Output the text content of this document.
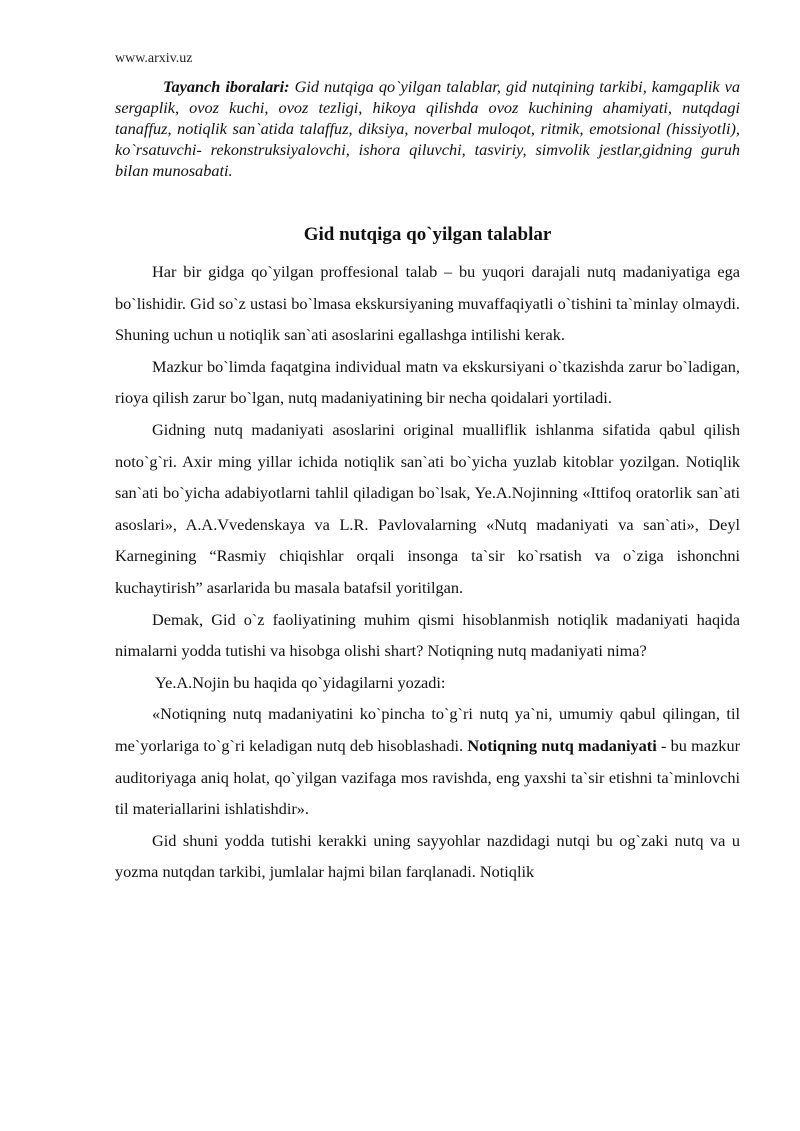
www.arxiv.uz

Tayanch iboralari: Gid nutqiga qo`yilgan talablar, gid nutqining tarkibi, kamgaplik va sergaplik, ovoz kuchi, ovoz tezligi, hikoya qilishda ovoz kuchining ahamiyati, nutqdagi tanaffuz, notiqlik san`atida talaffuz, diksiya, noverbal muloqot, ritmik, emotsional (hissiyotli), ko`rsatuvchi- rekonstruksiyalovchi, ishora qiluvchi, tasviriy, simvolik jestlar,gidning guruh bilan munosabati.

Gid nutqiga qo`yilgan talablar

Har bir gidga qo`yilgan proffesional talab – bu yuqori darajali nutq madaniyatiga ega bo`lishidir. Gid so`z ustasi bo`lmasa ekskursiyaning muvaffaqiyatli o`tishini ta`minlay olmaydi. Shuning uchun u notiqlik san`ati asoslarini egallashga intilishi kerak.

Mazkur bo`limda faqatgina individual matn va ekskursiyani o`tkazishda zarur bo`ladigan, rioya qilish zarur bo`lgan, nutq madaniyatining bir necha qoidalari yortiladi.

Gidning nutq madaniyati asoslarini original mualliflik ishlanma sifatida qabul qilish noto`g`ri. Axir ming yillar ichida notiqlik san`ati bo`yicha yuzlab kitoblar yozilgan. Notiqlik san`ati bo`yicha adabiyotlarni tahlil qiladigan bo`lsak, Ye.A.Nojinning «Ittifoq oratorlik san`ati asoslari», A.A.Vvedenskaya va L.R. Pavlovalarning «Nutq madaniyati va san`ati», Deyl Karnegining “Rasmiy chiqishlar orqali insonga ta`sir ko`rsatish va o`ziga ishonchni kuchaytirish” asarlarida bu masala batafsil yoritilgan.

Demak, Gid o`z faoliyatining muhim qismi hisoblanmish notiqlik madaniyati haqida nimalarni yodda tutishi va hisobga olishi shart? Notiqning nutq madaniyati nima?

Ye.A.Nojin bu haqida qo`yidagilarni yozadi:

«Notiqning nutq madaniyatini ko`pincha to`g`ri nutq ya`ni, umumiy qabul qilingan, til me`yorlariga to`g`ri keladigan nutq deb hisoblashadi. Notiqning nutq madaniyati - bu mazkur auditoriyaga aniq holat, qo`yilgan vazifaga mos ravishda, eng yaxshi ta`sir etishni ta`minlovchi til materiallarini ishlatishdir».

Gid shuni yodda tutishi kerakki uning sayyohlar nazdidagi nutqi bu og`zaki nutq va u yozma nutqdan tarkibi, jumlalar hajmi bilan farqlanadi. Notiqlik
